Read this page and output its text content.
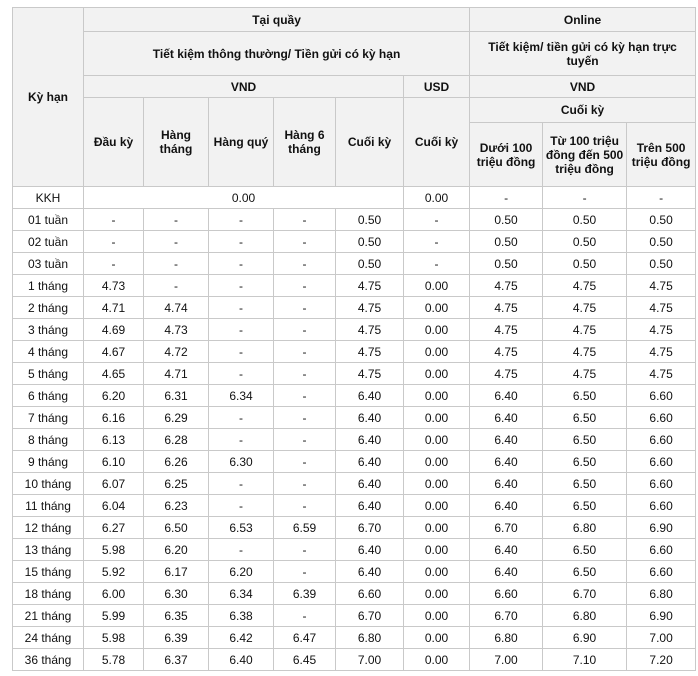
Kỳ hạn	Tại quầy						Online		
	Tiết kiệm thông thường/ Tiền gửi có kỳ hạn						Tiết kiệm/ tiền gửi có kỳ hạn trực tuyến		
	VND					USD	VND		
	Đầu kỳ	Hàng tháng	Hàng quý	Hàng 6 tháng	Cuối kỳ	Cuối kỳ	Cuối kỳ		
							Dưới 100 triệu đồng	Từ 100 triệu đồng đến 500 triệu đồng	Trên 500 triệu đồng
KKH	0.00					0.00	-	-	-
01 tuần	-	-	-	-	0.50	-	0.50	0.50	0.50
02 tuần	-	-	-	-	0.50	-	0.50	0.50	0.50
03 tuần	-	-	-	-	0.50	-	0.50	0.50	0.50
1 tháng	4.73	-	-	-	4.75	0.00	4.75	4.75	4.75
2 tháng	4.71	4.74	-	-	4.75	0.00	4.75	4.75	4.75
3 tháng	4.69	4.73	-	-	4.75	0.00	4.75	4.75	4.75
4 tháng	4.67	4.72	-	-	4.75	0.00	4.75	4.75	4.75
5 tháng	4.65	4.71	-	-	4.75	0.00	4.75	4.75	4.75
6 tháng	6.20	6.31	6.34	-	6.40	0.00	6.40	6.50	6.60
7 tháng	6.16	6.29	-	-	6.40	0.00	6.40	6.50	6.60
8 tháng	6.13	6.28	-	-	6.40	0.00	6.40	6.50	6.60
9 tháng	6.10	6.26	6.30	-	6.40	0.00	6.40	6.50	6.60
10 tháng	6.07	6.25	-	-	6.40	0.00	6.40	6.50	6.60
11 tháng	6.04	6.23	-	-	6.40	0.00	6.40	6.50	6.60
12 tháng	6.27	6.50	6.53	6.59	6.70	0.00	6.70	6.80	6.90
13 tháng	5.98	6.20	-	-	6.40	0.00	6.40	6.50	6.60
15 tháng	5.92	6.17	6.20	-	6.40	0.00	6.40	6.50	6.60
18 tháng	6.00	6.30	6.34	6.39	6.60	0.00	6.60	6.70	6.80
21 tháng	5.99	6.35	6.38	-	6.70	0.00	6.70	6.80	6.90
24 tháng	5.98	6.39	6.42	6.47	6.80	0.00	6.80	6.90	7.00
36 tháng	5.78	6.37	6.40	6.45	7.00	0.00	7.00	7.10	7.20
